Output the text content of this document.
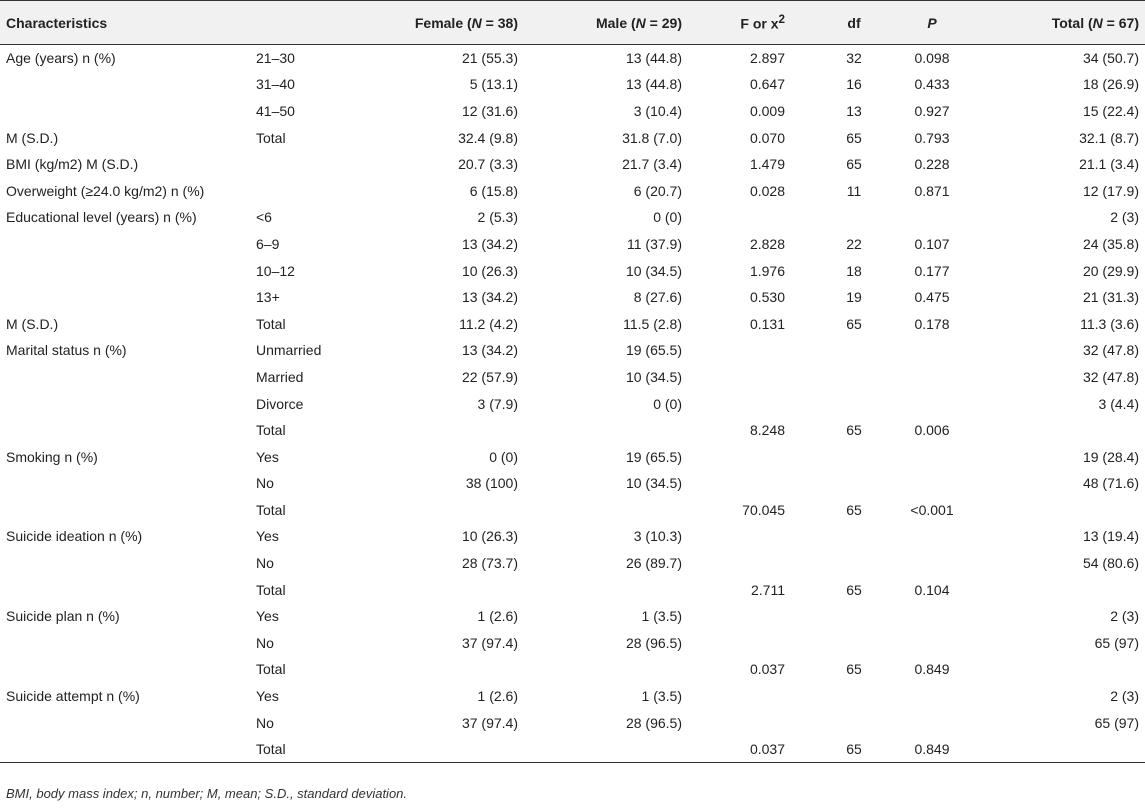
Characteristics		Female (N = 38)	Male (N = 29)	F or $x^2$	df	P	Total (N = 67)
Age (years) n (%)	21–30	21 (55.3)	13 (44.8)	2.897	32	0.098	34 (50.7)
	31–40	5 (13.1)	13 (44.8)	0.647	16	0.433	18 (26.9)
	41–50	12 (31.6)	3 (10.4)	0.009	13	0.927	15 (22.4)
M (S.D.)	Total	32.4 (9.8)	31.8 (7.0)	0.070	65	0.793	32.1 (8.7)
BMI (kg/m2) M (S.D.)		20.7 (3.3)	21.7 (3.4)	1.479	65	0.228	21.1 (3.4)
Overweight (≥24.0 kg/m2) n (%)		6 (15.8)	6 (20.7)	0.028	11	0.871	12 (17.9)
Educational level (years) n (%)	<6	2 (5.3)	0 (0)				2 (3)
	6–9	13 (34.2)	11 (37.9)	2.828	22	0.107	24 (35.8)
	10–12	10 (26.3)	10 (34.5)	1.976	18	0.177	20 (29.9)
	13+	13 (34.2)	8 (27.6)	0.530	19	0.475	21 (31.3)
M (S.D.)	Total	11.2 (4.2)	11.5 (2.8)	0.131	65	0.178	11.3 (3.6)
Marital status n (%)	Unmarried	13 (34.2)	19 (65.5)				32 (47.8)
	Married	22 (57.9)	10 (34.5)				32 (47.8)
	Divorce	3 (7.9)	0 (0)				3 (4.4)
	Total			8.248	65	0.006	
Smoking n (%)	Yes	0 (0)	19 (65.5)				19 (28.4)
	No	38 (100)	10 (34.5)				48 (71.6)
	Total			70.045	65	<0.001	
Suicide ideation n (%)	Yes	10 (26.3)	3 (10.3)				13 (19.4)
	No	28 (73.7)	26 (89.7)				54 (80.6)
	Total			2.711	65	0.104	
Suicide plan n (%)	Yes	1 (2.6)	1 (3.5)				2 (3)
	No	37 (97.4)	28 (96.5)				65 (97)
	Total			0.037	65	0.849	
Suicide attempt n (%)	Yes	1 (2.6)	1 (3.5)				2 (3)
	No	37 (97.4)	28 (96.5)				65 (97)
	Total			0.037	65	0.849	
BMI, body mass index; n, number; M, mean; S.D., standard deviation.
